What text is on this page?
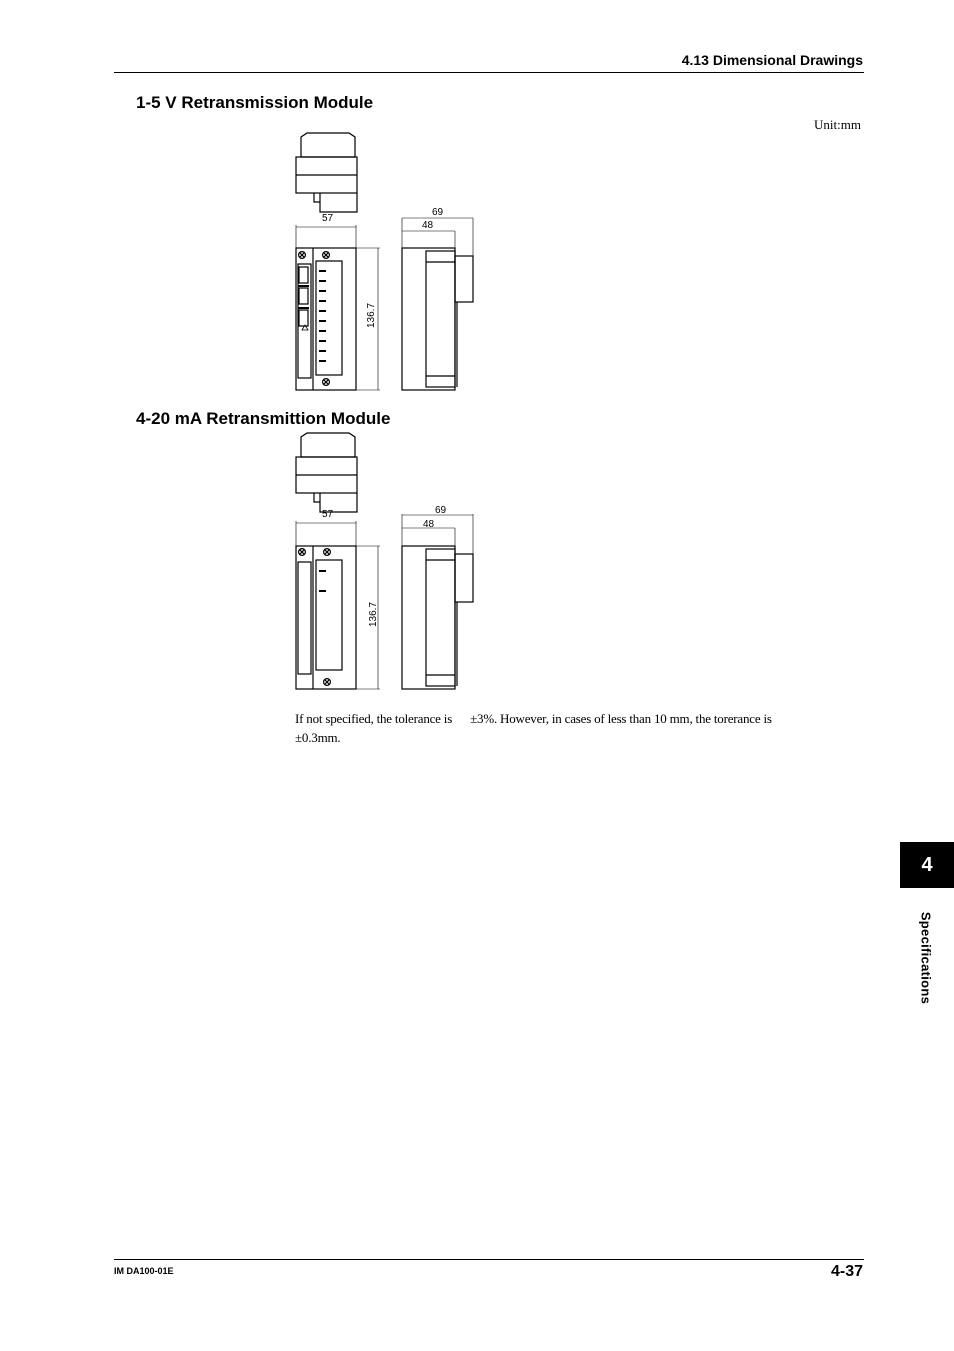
4.13 Dimensional Drawings
1-5 V Retransmission Module
Unit:mm
57
69
48
136.7
4-20 mA Retransmittion Module
57	69
48
136.7
If not specified, the tolerance is ±3%. However, in cases of less than 10 mm, the torerance is
±0.3mm.
4
Specifications
IM DA100-01E	4-37
